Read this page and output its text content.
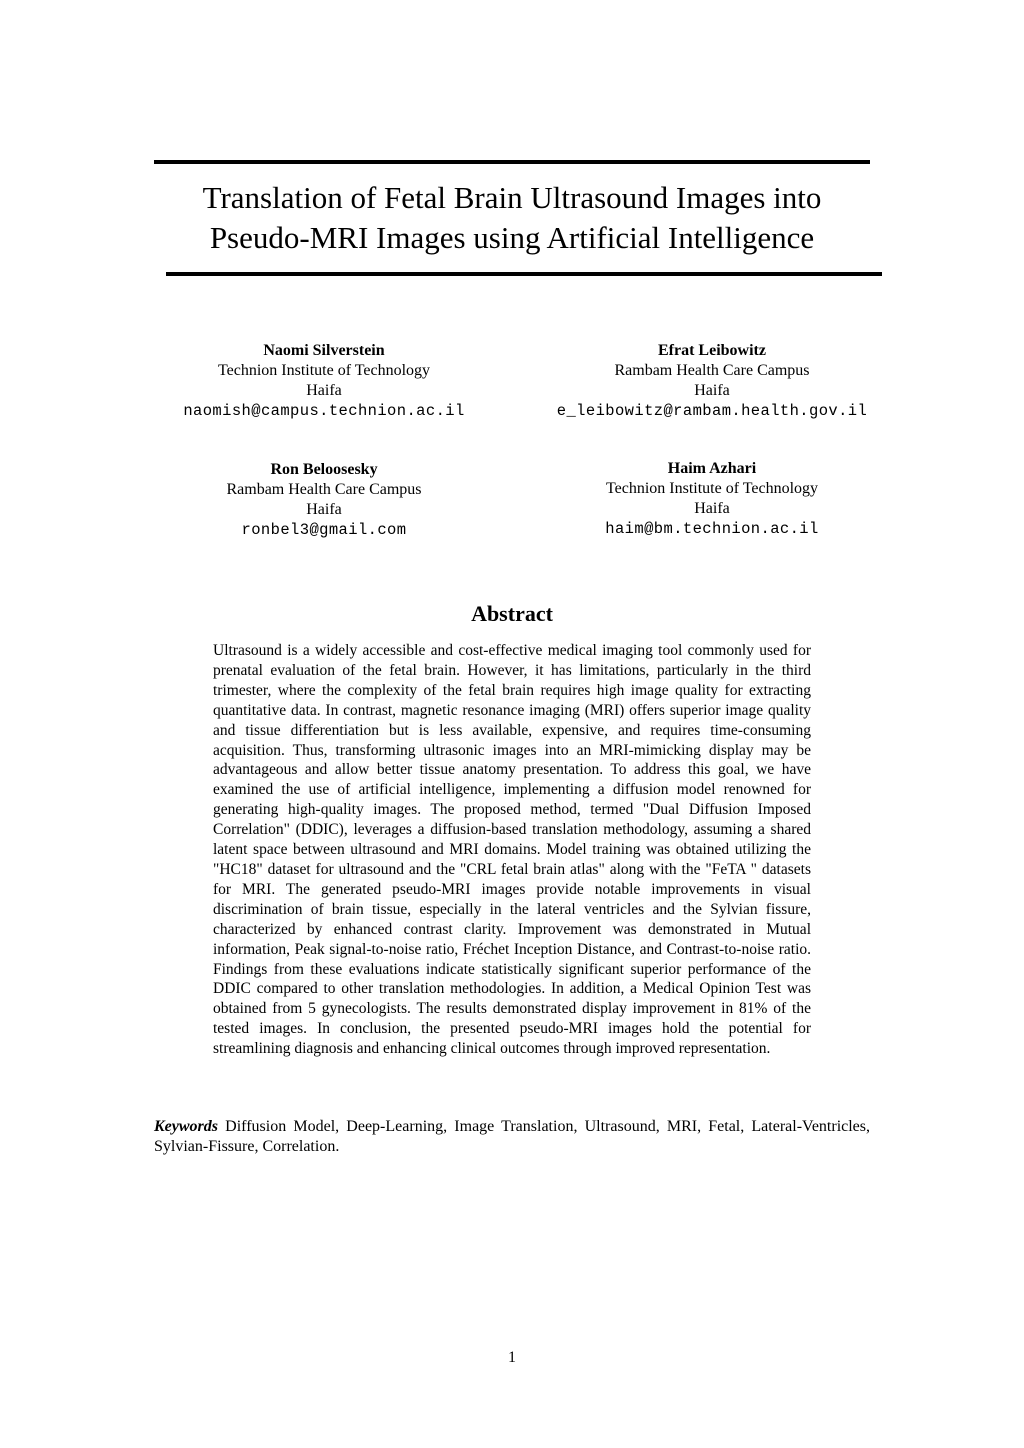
Translation of Fetal Brain Ultrasound Images into
Pseudo-MRI Images using Artificial Intelligence
Naomi Silverstein
Technion Institute of Technology
Haifa
naomish@campus.technion.ac.il
Efrat Leibowitz
Rambam Health Care Campus
Haifa
e_leibowitz@rambam.health.gov.il
Ron Beloosesky
Rambam Health Care Campus
Haifa
ronbel3@gmail.com
Haim Azhari
Technion Institute of Technology
Haifa
haim@bm.technion.ac.il
Abstract
Ultrasound is a widely accessible and cost-effective medical imaging tool commonly used for prenatal evaluation of the fetal brain. However, it has limitations, particularly in the third trimester, where the complexity of the fetal brain requires high image quality for extracting quantitative data. In contrast, magnetic resonance imaging (MRI) offers superior image quality and tissue differentiation but is less available, expensive, and requires time-consuming acquisition. Thus, transforming ultrasonic images into an MRI-mimicking display may be advantageous and allow better tissue anatomy presentation. To address this goal, we have examined the use of artificial intelligence, implementing a diffusion model renowned for generating high-quality images. The proposed method, termed "Dual Diffusion Imposed Correlation" (DDIC), leverages a diffusion-based translation methodology, assuming a shared latent space between ultrasound and MRI domains. Model training was obtained utilizing the "HC18" dataset for ultrasound and the "CRL fetal brain atlas" along with the "FeTA " datasets for MRI. The generated pseudo-MRI images provide notable improvements in visual discrimination of brain tissue, especially in the lateral ventricles and the Sylvian fissure, characterized by enhanced contrast clarity. Improvement was demonstrated in Mutual information, Peak signal-to-noise ratio, Fréchet Inception Distance, and Contrast-to-noise ratio. Findings from these evaluations indicate statistically significant superior performance of the DDIC compared to other translation methodologies. In addition, a Medical Opinion Test was obtained from 5 gynecologists. The results demonstrated display improvement in 81% of the tested images. In conclusion, the presented pseudo-MRI images hold the potential for streamlining diagnosis and enhancing clinical outcomes through improved representation.
Keywords Diffusion Model, Deep-Learning, Image Translation, Ultrasound, MRI, Fetal, Lateral-Ventricles, Sylvian-Fissure, Correlation.
1
